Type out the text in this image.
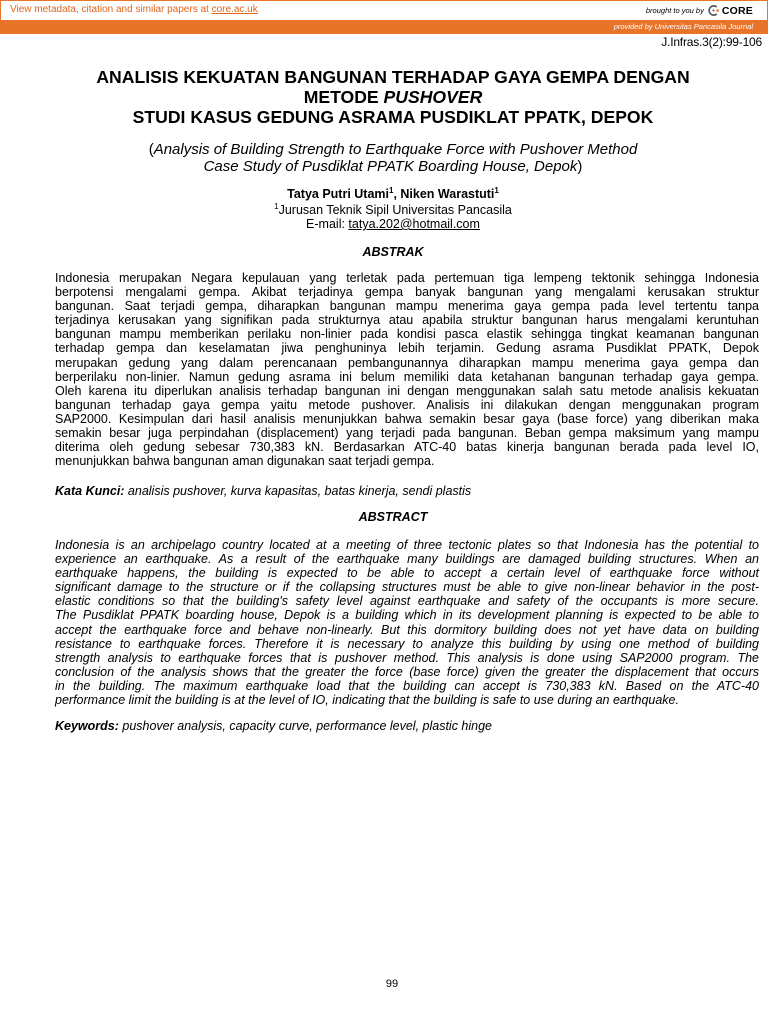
View metadata, citation and similar papers at core.ac.uk	brought to you by CORE
provided by Universitas Pancasila Journal
J.Infras.3(2):99-106
ANALISIS KEKUATAN BANGUNAN TERHADAP GAYA GEMPA DENGAN
METODE PUSHOVER
STUDI KASUS GEDUNG ASRAMA PUSDIKLAT PPATK, DEPOK
(Analysis of Building Strength to Earthquake Force with Pushover Method
Case Study of Pusdiklat PPATK Boarding House, Depok)
Tatya Putri Utami$^1$, Niken Warastuti$^1$
$^1$Jurusan Teknik Sipil Universitas Pancasila
E-mail: tatya.202@hotmail.com
ABSTRAK
Indonesia merupakan Negara kepulauan yang terletak pada pertemuan tiga lempeng tektonik sehingga Indonesia
berpotensi mengalami gempa. Akibat terjadinya gempa banyak bangunan yang mengalami kerusakan struktur
bangunan. Saat terjadi gempa, diharapkan bangunan mampu menerima gaya gempa pada level tertentu tanpa
terjadinya kerusakan yang signifikan pada strukturnya atau apabila struktur bangunan harus mengalami keruntuhan
bangunan mampu memberikan perilaku non-linier pada kondisi pasca elastik sehingga tingkat keamanan bangunan
terhadap gempa dan keselamatan jiwa penghuninya lebih terjamin. Gedung asrama Pusdiklat PPATK, Depok
merupakan gedung yang dalam perencanaan pembangunannya diharapkan mampu menerima gaya gempa dan
berperilaku non-linier. Namun gedung asrama ini belum memiliki data ketahanan bangunan terhadap gaya gempa.
Oleh karena itu diperlukan analisis terhadap bangunan ini dengan menggunakan salah satu metode analisis kekuatan
bangunan terhadap gaya gempa yaitu metode pushover. Analisis ini dilakukan dengan menggunakan program
SAP2000. Kesimpulan dari hasil analisis menunjukkan bahwa semakin besar gaya (base force) yang diberikan maka
semakin besar juga perpindahan (displacement) yang terjadi pada bangunan. Beban gempa maksimum yang mampu
diterima oleh gedung sebesar 730,383 kN. Berdasarkan ATC-40 batas kinerja bangunan berada pada level IO,
menunjukkan bahwa bangunan aman digunakan saat terjadi gempa.
Kata Kunci: analisis pushover, kurva kapasitas, batas kinerja, sendi plastis
ABSTRACT
Indonesia is an archipelago country located at a meeting of three tectonic plates so that Indonesia has the potential to
experience an earthquake. As a result of the earthquake many buildings are damaged building structures. When an
earthquake happens, the building is expected to be able to accept a certain level of earthquake force without
significant damage to the structure or if the collapsing structures must be able to give non-linear behavior in the post-
elastic conditions so that the building's safety level against earthquake and safety of the occupants is more secure.
The Pusdiklat PPATK boarding house, Depok is a building which in its development planning is expected to be able to
accept the earthquake force and behave non-linearly. But this dormitory building does not yet have data on building
resistance to earthquake forces. Therefore it is necessary to analyze this building by using one method of building
strength analysis to earthquake forces that is pushover method. This analysis is done using SAP2000 program. The
conclusion of the analysis shows that the greater the force (base force) given the greater the displacement that occurs
in the building. The maximum earthquake load that the building can accept is 730,383 kN. Based on the ATC-40
performance limit the building is at the level of IO, indicating that the building is safe to use during an earthquake.
Keywords: pushover analysis, capacity curve, performance level, plastic hinge
99
